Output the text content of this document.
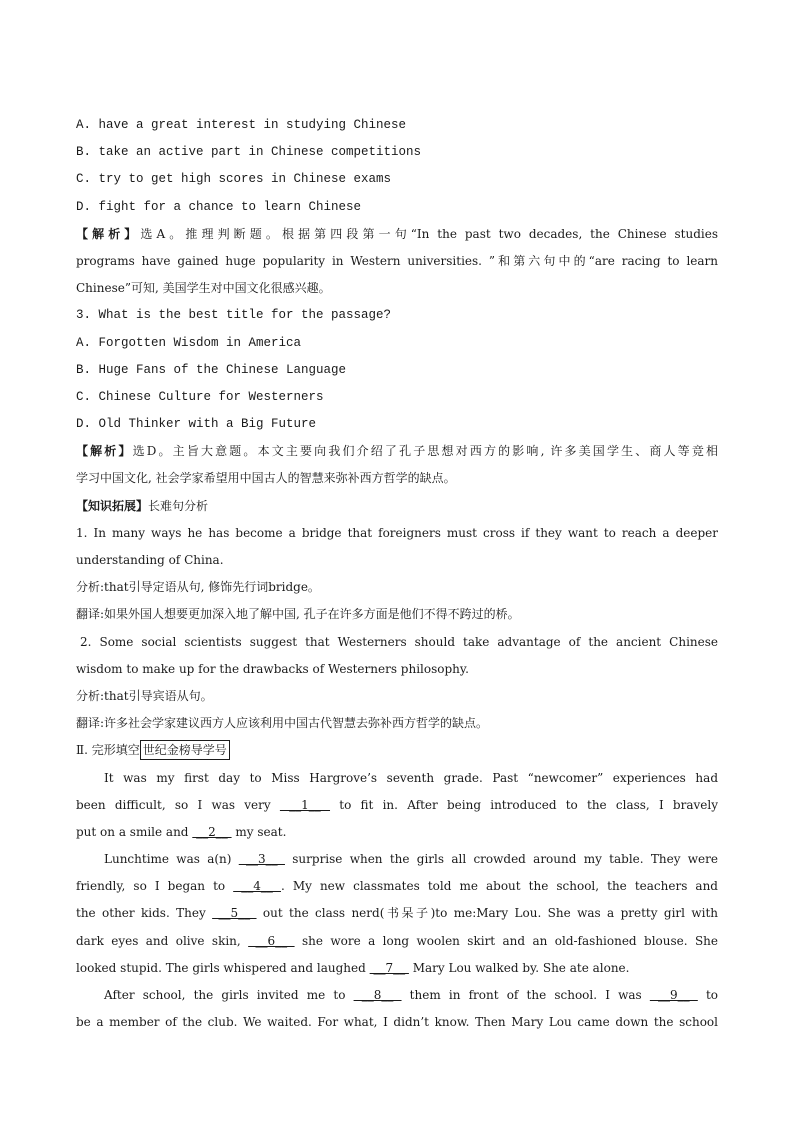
A. have a great interest in studying Chinese
B. take an active part in Chinese competitions
C. try to get high scores in Chinese exams
D. fight for a chance to learn Chinese
【解析】选A。推理判断题。根据第四段第一句“In the past two decades, the Chinese studies
programs have gained huge popularity in Western universities. ”和第六句中的“are racing to learn
Chinese”可知, 美国学生对中国文化很感兴趣。
3. What is the best title for the passage?
A. Forgotten Wisdom in America
B. Huge Fans of the Chinese Language
C. Chinese Culture for Westerners
D. Old Thinker with a Big Future
【解析】选D。主旨大意题。本文主要向我们介绍了孔子思想对西方的影响, 许多美国学生、商人等竞相
学习中国文化, 社会学家希望用中国古人的智慧来弥补西方哲学的缺点。
【知识拓展】长难句分析
1. In many ways he has become a bridge that foreigners must cross if they want to reach a deeper
understanding of China.
分析:that引导定语从句, 修饰先行词bridge。
翻译:如果外国人想要更加深入地了解中国, 孔子在许多方面是他们不得不跨过的桥。
2. Some social scientists suggest that Westerners should take advantage of the ancient Chinese
wisdom to make up for the drawbacks of Westerners philosophy.
分析:that引导宾语从句。
翻译:许多社会学家建议西方人应该利用中国古代智慧去弥补西方哲学的缺点。
Ⅱ. 完形填空 世纪金榜导学号
It was my first day to Miss Hargrove’s seventh grade. Past “newcomer” experiences had
been difficult, so I was very  __1__  to fit in. After being introduced to the class, I bravely
put on a smile and  __2__  my seat.
Lunchtime was a(n)  __3__  surprise when the girls all crowded around my table. They were
friendly, so I began to  __4__ . My new classmates told me about the school, the teachers and
the other kids. They  __5__  out the class nerd(书呆子)to me:Mary Lou. She was a pretty girl with
dark eyes and olive skin,  __6__  she wore a long woolen skirt and an old-fashioned blouse. She
looked stupid. The girls whispered and laughed  __7__  Mary Lou walked by. She ate alone.
After school, the girls invited me to  __8__  them in front of the school. I was  __9__  to
be a member of the club. We waited. For what, I didn’t know. Then Mary Lou came down the school
